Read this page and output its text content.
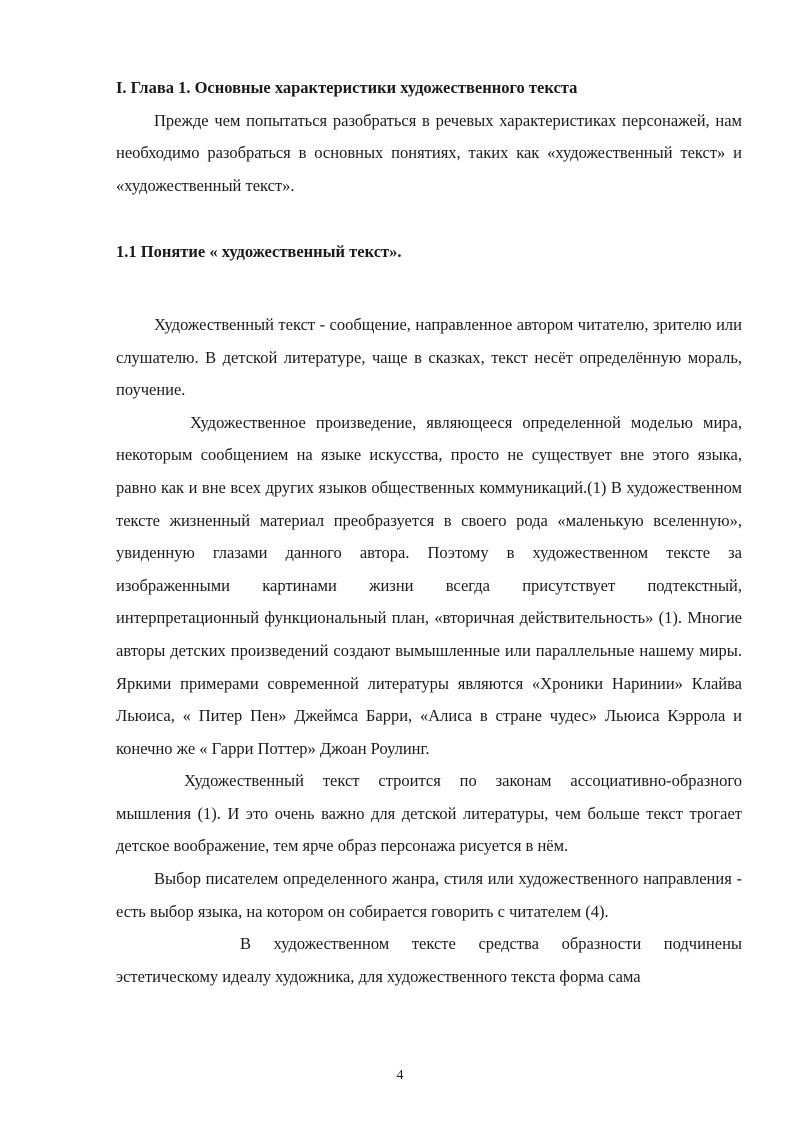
I. Глава 1. Основные характеристики художественного текста

Прежде чем попытаться разобраться в речевых характеристиках персонажей, нам необходимо разобраться в основных понятиях, таких как «художественный текст» и «художественный текст».

1.1 Понятие « художественный текст».

Художественный текст - сообщение, направленное автором читателю, зрителю или слушателю. В детской литературе, чаще в сказках, текст несёт определённую мораль, поучение.

Художественное произведение, являющееся определенной моделью мира, некоторым сообщением на языке искусства, просто не существует вне этого языка, равно как и вне всех других языков общественных коммуникаций.(1) В художественном тексте жизненный материал преобразуется в своего рода «маленькую вселенную», увиденную глазами данного автора. Поэтому в художественном тексте за изображенными картинами жизни всегда присутствует подтекстный, интерпретационный функциональный план, «вторичная действительность» (1). Многие авторы детских произведений создают вымышленные или параллельные нашему миры. Яркими примерами современной литературы являются «Хроники Наринии» Клайва Льюиса, « Питер Пен» Джеймса Барри, «Алиса в стране чудес» Льюиса Кэррола и конечно же « Гарри Поттер» Джоан Роулинг.

Художественный текст строится по законам ассоциативно-образного мышления (1). И это очень важно для детской литературы, чем больше текст трогает детское воображение, тем ярче образ персонажа рисуется в нём.

Выбор писателем определенного жанра, стиля или художественного направления - есть выбор языка, на котором он собирается говорить с читателем (4).

В художественном тексте средства образности подчинены эстетическому идеалу художника, для художественного текста форма сама

4
